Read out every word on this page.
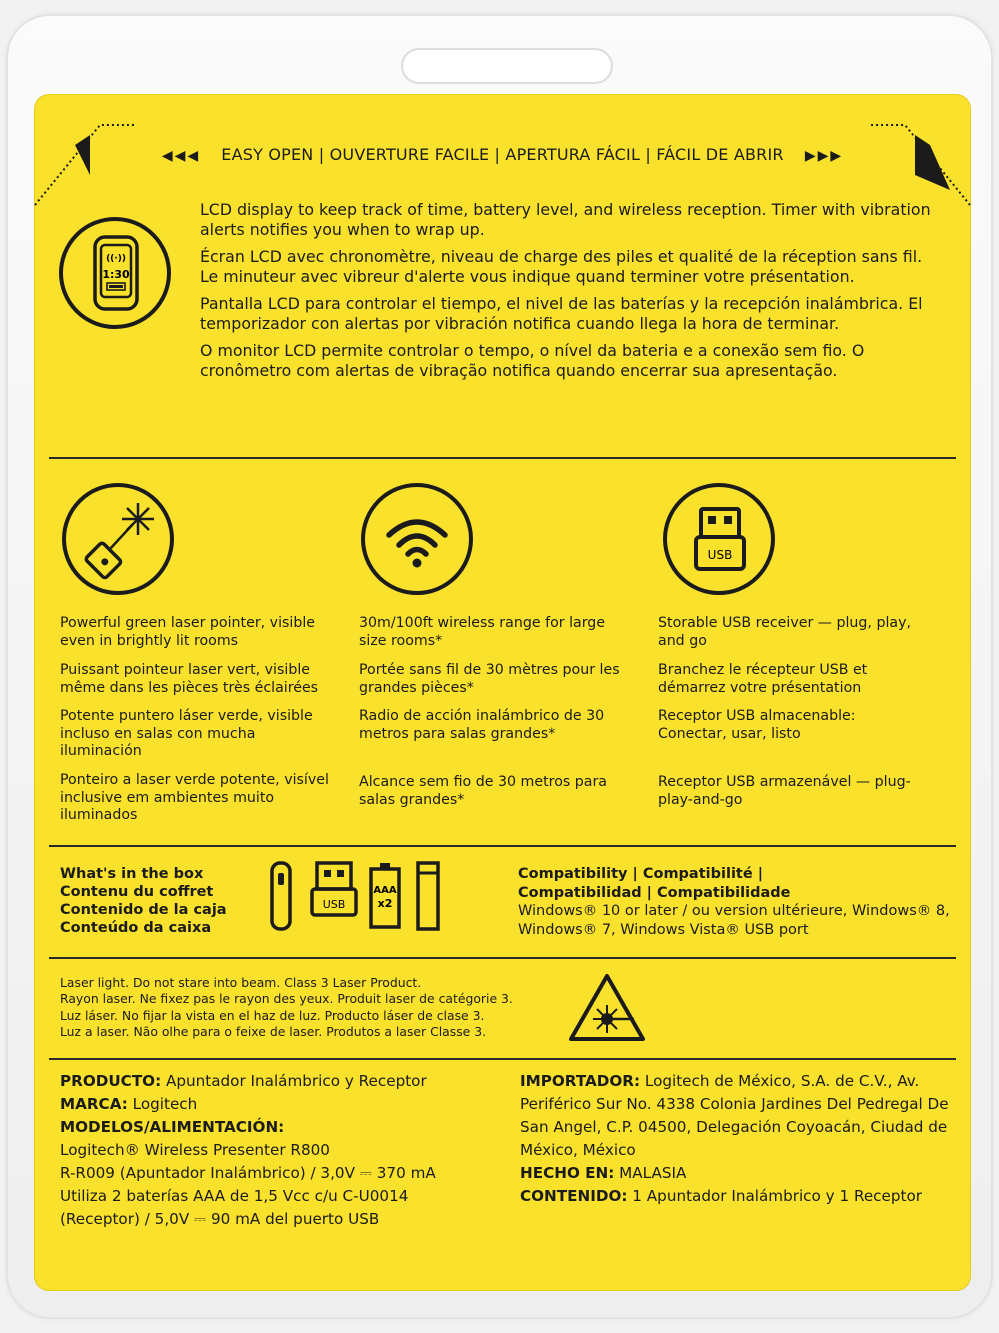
◀◀◀ EASY OPEN | OUVERTURE FACILE | APERTURA FÁCIL | FÁCIL DE ABRIR ▶▶▶
((·))
1:30

LCD display to keep track of time, battery level, and wireless reception. Timer with vibration alerts notifies you when to wrap up.

Écran LCD avec chronomètre, niveau de charge des piles et qualité de la réception sans fil. Le minuteur avec vibreur d'alerte vous indique quand terminer votre présentation.

Pantalla LCD para controlar el tiempo, el nivel de las baterías y la recepción inalámbrica. El temporizador con alertas por vibración notifica cuando llega la hora de terminar.

O monitor LCD permite controlar o tempo, o nível da bateria e a conexão sem fio. O cronômetro com alertas de vibração notifica quando encerrar sua apresentação.

USB

Powerful green laser pointer, visible even in brightly lit rooms

Puissant pointeur laser vert, visible même dans les pièces très éclairées

Potente puntero láser verde, visible incluso en salas con mucha iluminación

Ponteiro a laser verde potente, visível inclusive em ambientes muito iluminados

30m/100ft wireless range for large size rooms*

Portée sans fil de 30 mètres pour les grandes pièces*

Radio de acción inalámbrico de 30 metros para salas grandes*

Alcance sem fio de 30 metros para salas grandes*

Storable USB receiver — plug, play, and go

Branchez le récepteur USB et démarrez votre présentation

Receptor USB almacenable: Conectar, usar, listo

Receptor USB armazenável — plug-play-and-go

What's in the box
Contenu du coffret
Contenido de la caja
Conteúdo da caixa
USB
AAA
x2
Compatibility | Compatibilité |
Compatibilidad | Compatibilidade
Windows® 10 or later / ou version ultérieure, Windows® 8, Windows® 7, Windows Vista® USB port
Laser light. Do not stare into beam. Class 3 Laser Product.
Rayon laser. Ne fixez pas le rayon des yeux. Produit laser de catégorie 3.
Luz láser. No fijar la vista en el haz de luz. Producto láser de clase 3.
Luz a laser. Não olhe para o feixe de laser. Produtos a laser Classe 3.
PRODUCTO: Apuntador Inalámbrico y Receptor
MARCA: Logitech
MODELOS/ALIMENTACIÓN:
Logitech® Wireless Presenter R800
R-R009 (Apuntador Inalámbrico) / 3,0V ⎓ 370 mA
Utiliza 2 baterías AAA de 1,5 Vcc c/u C-U0014
(Receptor) / 5,0V ⎓ 90 mA del puerto USB
IMPORTADOR: Logitech de México, S.A. de C.V., Av. Periférico Sur No. 4338 Colonia Jardines Del Pedregal De San Angel, C.P. 04500, Delegación Coyoacán, Ciudad de México, México
HECHO EN: MALASIA
CONTENIDO: 1 Apuntador Inalámbrico y 1 Receptor
